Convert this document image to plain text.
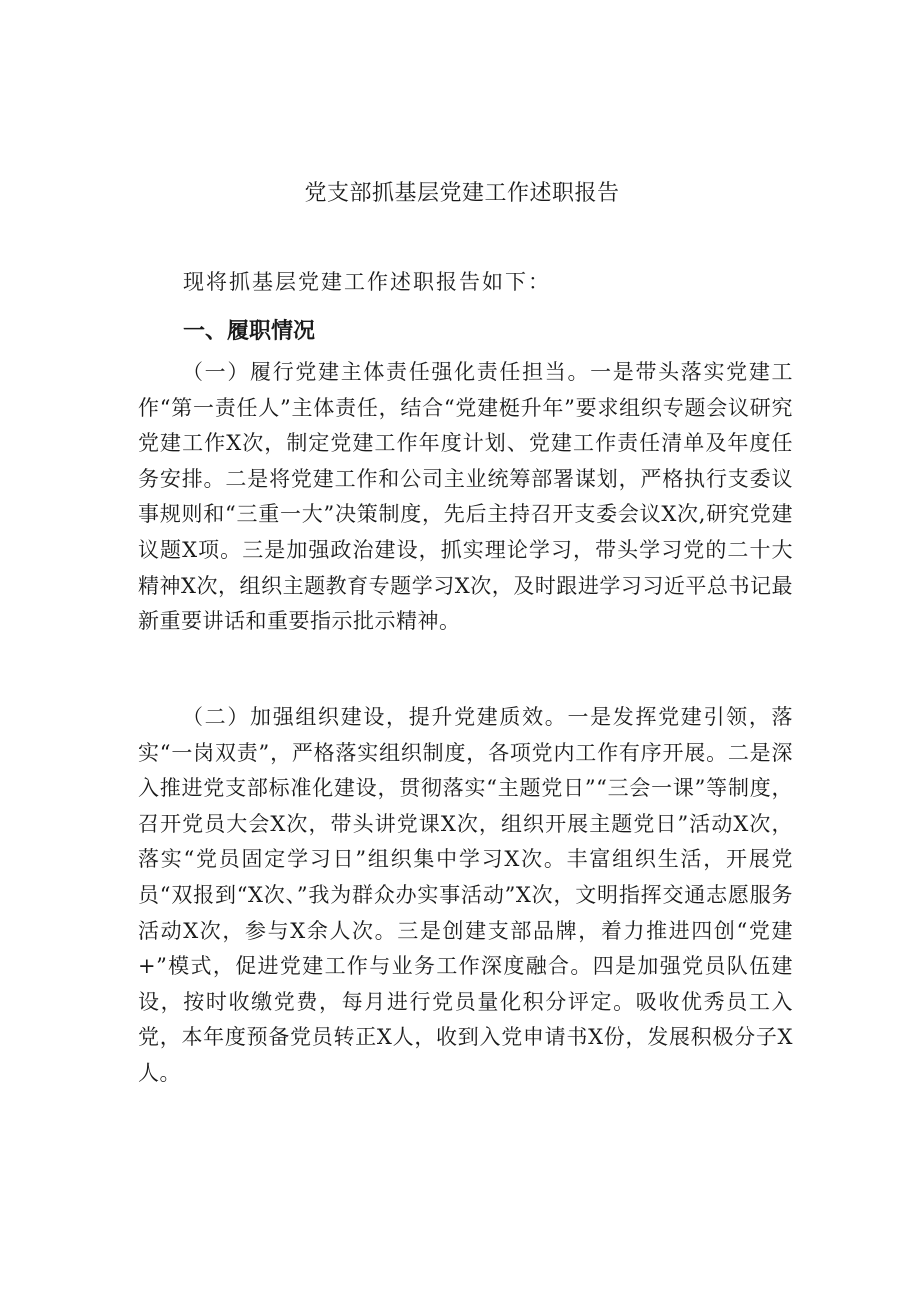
党支部抓基层党建工作述职报告

现将抓基层党建工作述职报告如下：

一、履职情况

（一）履行党建主体责任强化责任担当。一是带头落实党建工作“第一责任人”主体责任，结合“党建梃升年”要求组织专题会议研究党建工作X次，制定党建工作年度计划、党建工作责任清单及年度任务安排。二是将党建工作和公司主业统筹部署谋划，严格执行支委议事规则和“三重一大”决策制度，先后主持召开支委会议X次,研究党建议题X项。三是加强政治建设，抓实理论学习，带头学习党的二十大精神X次，组织主题教育专题学习X次，及时跟进学习习近平总书记最新重要讲话和重要指示批示精神。

（二）加强组织建设，提升党建质效。一是发挥党建引领，落实“一岗双责”，严格落实组织制度，各项党内工作有序开展。二是深入推进党支部标准化建设，贯彻落实“主题党日”“三会一课”等制度，召开党员大会X次，带头讲党课X次，组织开展主题党日”活动X次，落实“党员固定学习日”组织集中学习X次。丰富组织生活，开展党员“双报到“X次、”我为群众办实事活动”X次，文明指挥交通志愿服务活动X次，参与X余人次。三是创建支部品牌，着力推进四创“党建+”模式，促进党建工作与业务工作深度融合。四是加强党员队伍建设，按时收缴党费，每月进行党员量化积分评定。吸收优秀员工入党，本年度预备党员转正X人，收到入党申请书X份，发展积极分子X人。
